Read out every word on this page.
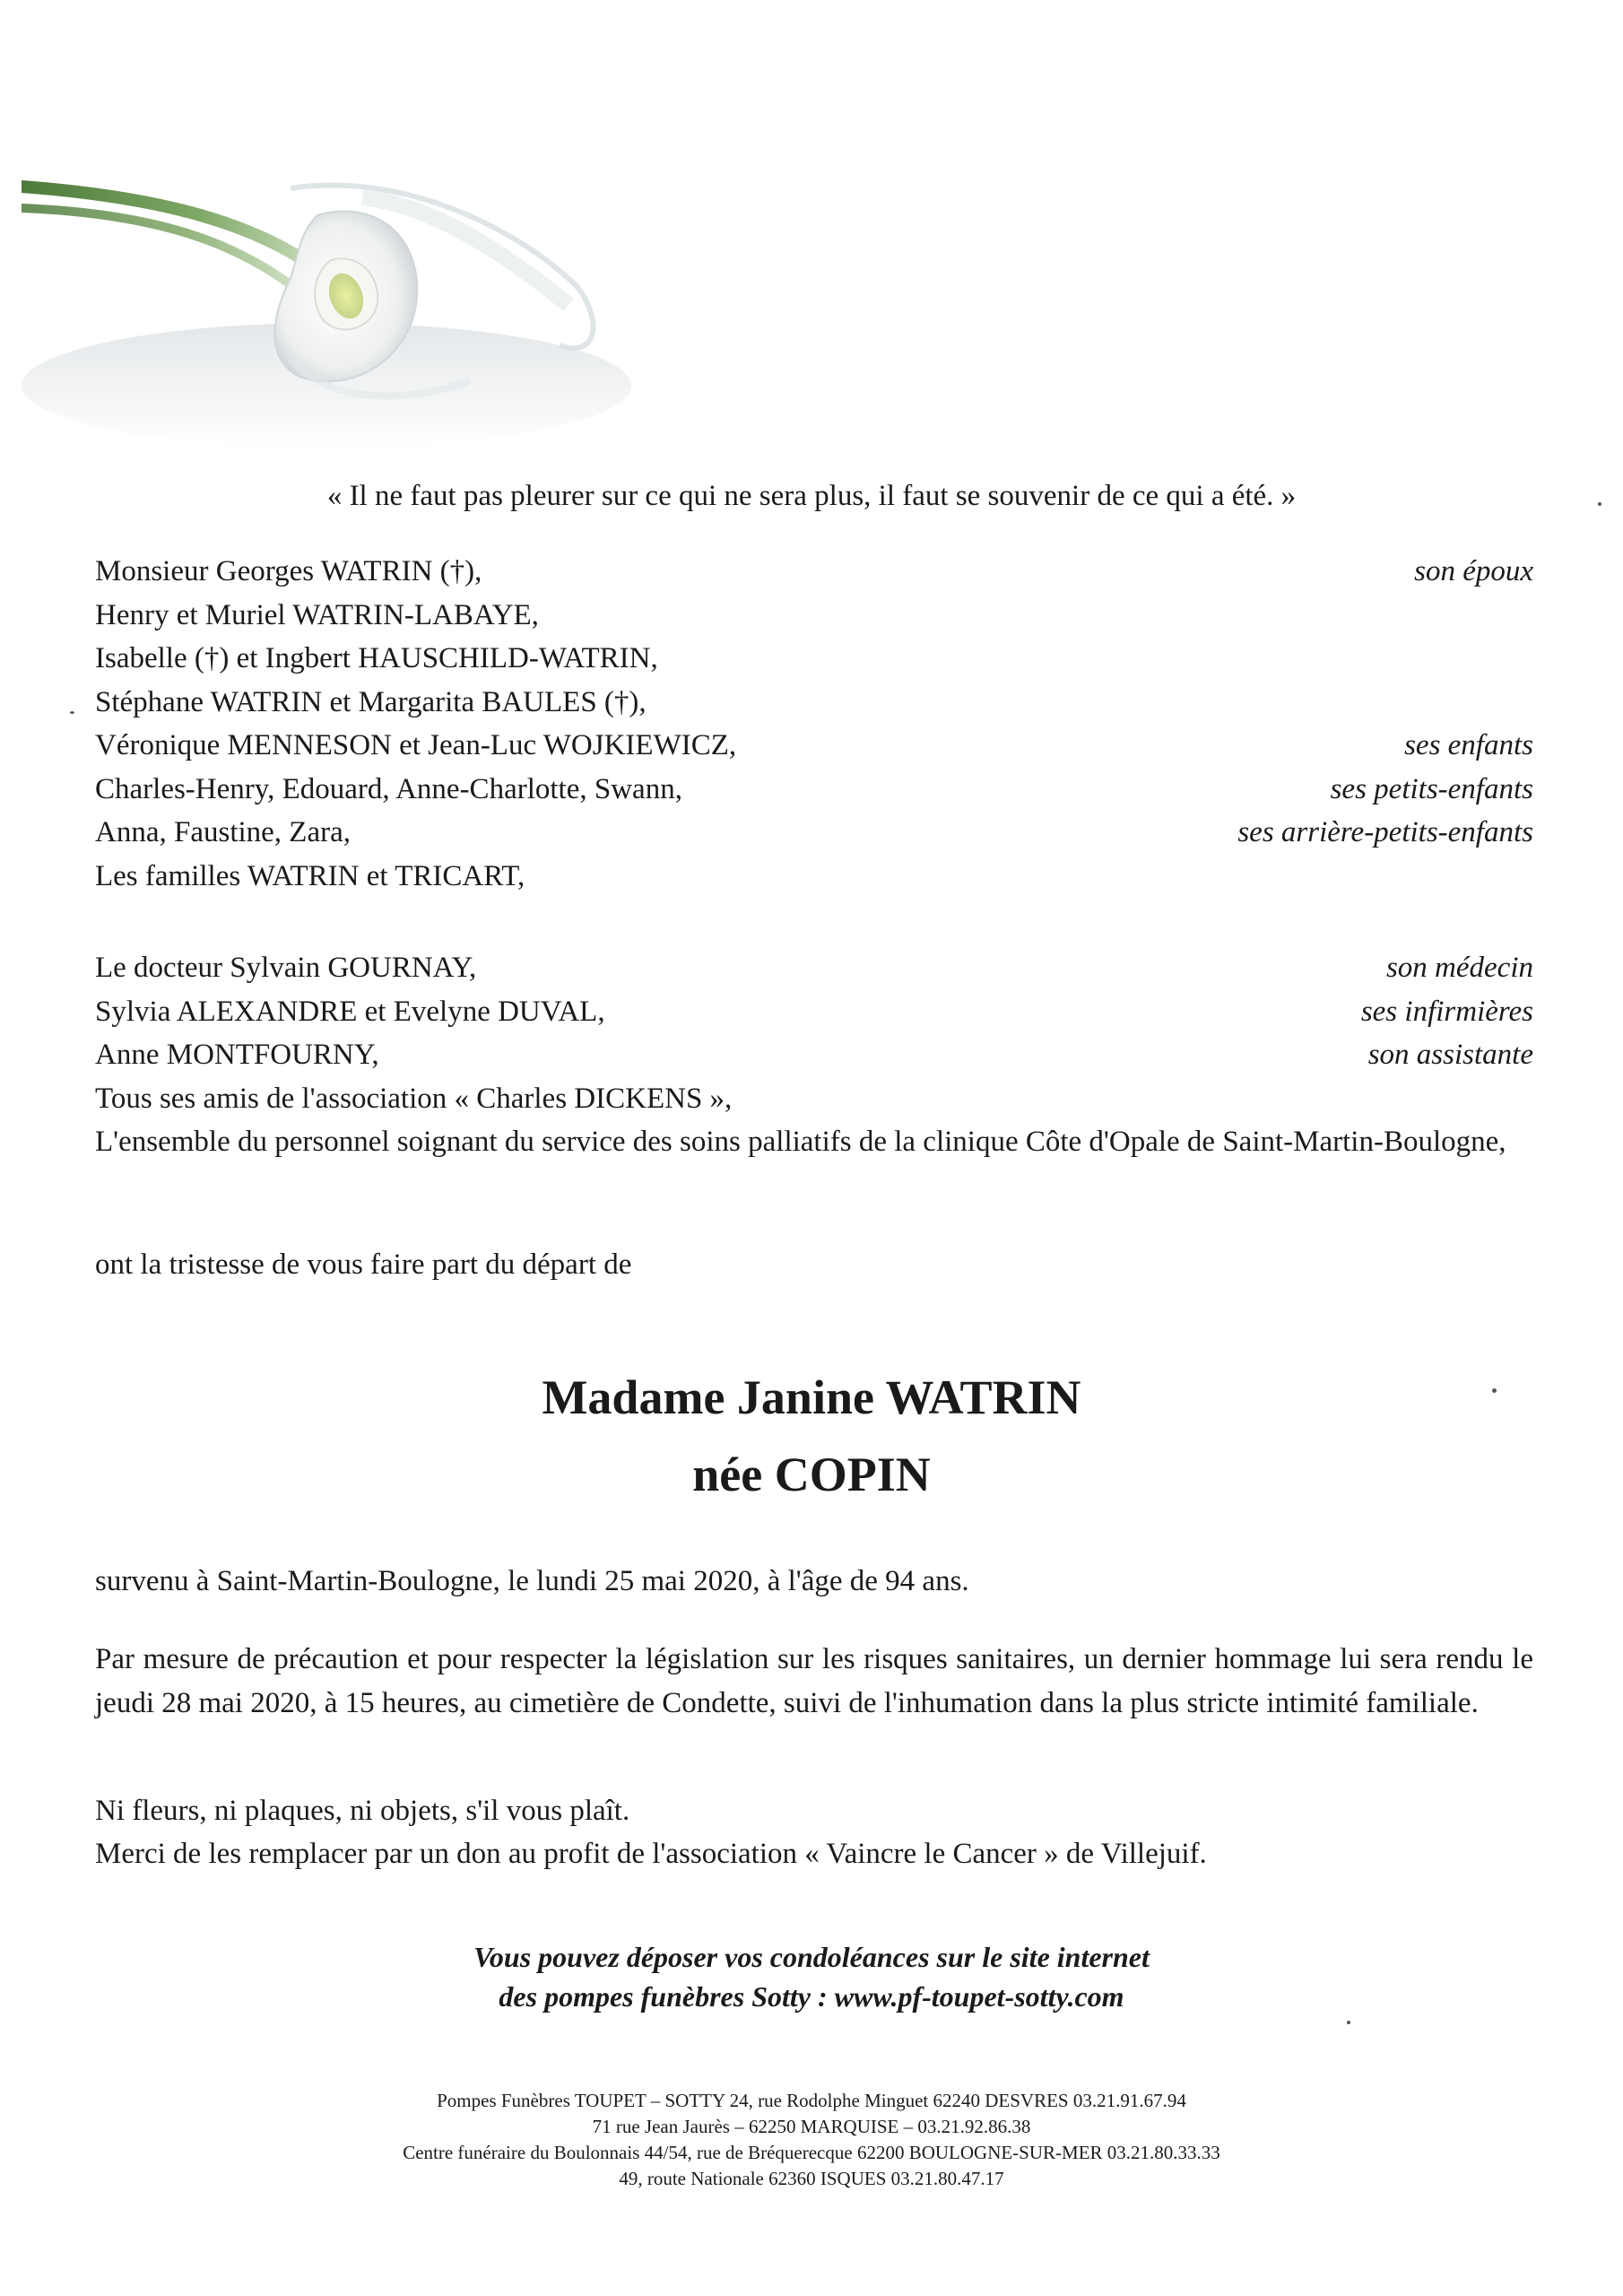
« Il ne faut pas pleurer sur ce qui ne sera plus, il faut se souvenir de ce qui a été. »
Monsieur Georges WATRIN (†),	son époux
Henry et Muriel WATRIN-LABAYE,
Isabelle (†) et Ingbert HAUSCHILD-WATRIN,
Stéphane WATRIN et Margarita BAULES (†),
Véronique MENNESON et Jean-Luc WOJKIEWICZ,	ses enfants
Charles-Henry, Edouard, Anne-Charlotte, Swann,	ses petits-enfants
Anna, Faustine, Zara,	ses arrière-petits-enfants
Les familles WATRIN et TRICART,
Le docteur Sylvain GOURNAY,	son médecin
Sylvia ALEXANDRE et Evelyne DUVAL,	ses infirmières
Anne MONTFOURNY,	son assistante
Tous ses amis de l'association « Charles DICKENS »,
L'ensemble du personnel soignant du service des soins palliatifs de la clinique Côte d'Opale de Saint-Martin-Boulogne,
ont la tristesse de vous faire part du départ de
Madame Janine WATRIN
née COPIN
survenu à Saint-Martin-Boulogne, le lundi 25 mai 2020, à l'âge de 94 ans.
Par mesure de précaution et pour respecter la législation sur les risques sanitaires, un dernier hommage lui sera rendu le jeudi 28 mai 2020, à 15 heures, au cimetière de Condette, suivi de l'inhumation dans la plus stricte intimité familiale.
Ni fleurs, ni plaques, ni objets, s'il vous plaît.
Merci de les remplacer par un don au profit de l'association « Vaincre le Cancer » de Villejuif.
Vous pouvez déposer vos condoléances sur le site internet
des pompes funèbres Sotty : www.pf-toupet-sotty.com
Pompes Funèbres TOUPET – SOTTY 24, rue Rodolphe Minguet 62240 DESVRES 03.21.91.67.94
71 rue Jean Jaurès – 62250 MARQUISE – 03.21.92.86.38
Centre funéraire du Boulonnais 44/54, rue de Bréquerecque 62200 BOULOGNE-SUR-MER 03.21.80.33.33
49, route Nationale 62360 ISQUES 03.21.80.47.17
